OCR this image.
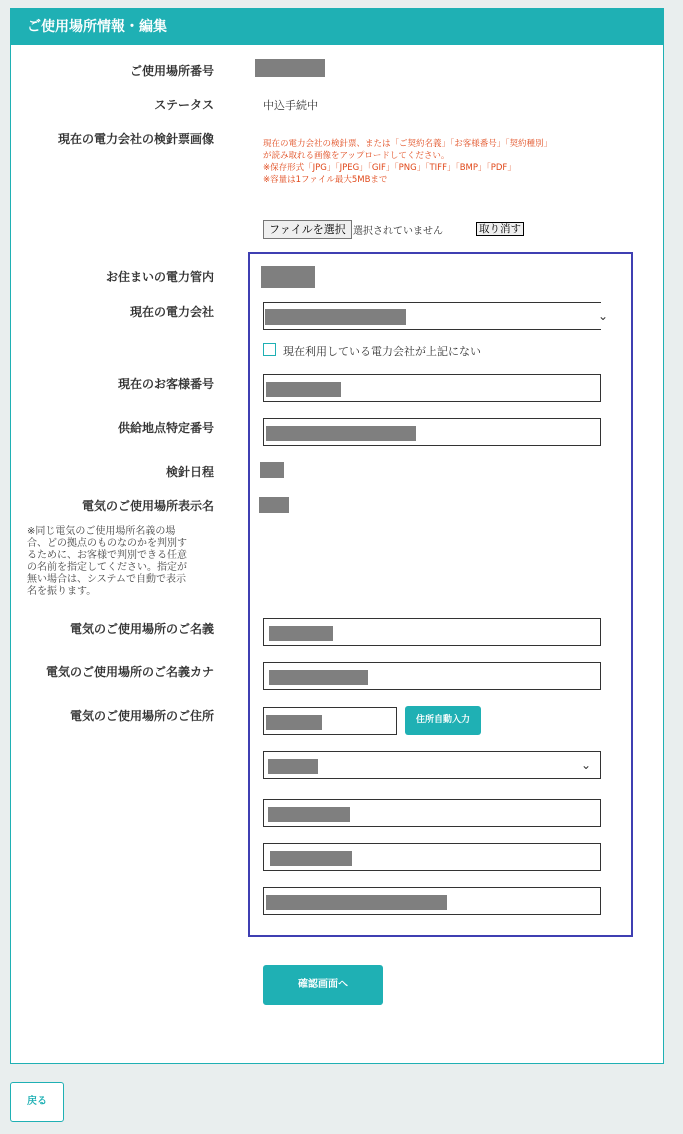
ご使用場所情報・編集
ご使用場所番号
ステータス
現在の電力会社の検針票画像
お住まいの電力管内
現在の電力会社
現在のお客様番号
供給地点特定番号
検針日程
電気のご使用場所表示名
電気のご使用場所のご名義
電気のご使用場所のご名義カナ
電気のご使用場所のご住所
中込手続中
現在の電力会社の検針票、または「ご契約名義」「お客様番号」「契約種別」
が読み取れる画像をアップロードしてください。
※保存形式「JPG」「JPEG」「GIF」「PNG」「TIFF」「BMP」「PDF」
※容量は1ファイル最大5MBまで
ファイルを選択 選択されていません	取り消す
⌄
現在利用している電力会社が上記にない
※同じ電気のご使用場所名義の場
合、どの拠点のものなのかを判別す
るために、お客様で判別できる任意
の名前を指定してください。指定が
無い場合は、システムで自動で表示
名を振ります。
住所自動入力
⌄
確認画面へ
戻る
